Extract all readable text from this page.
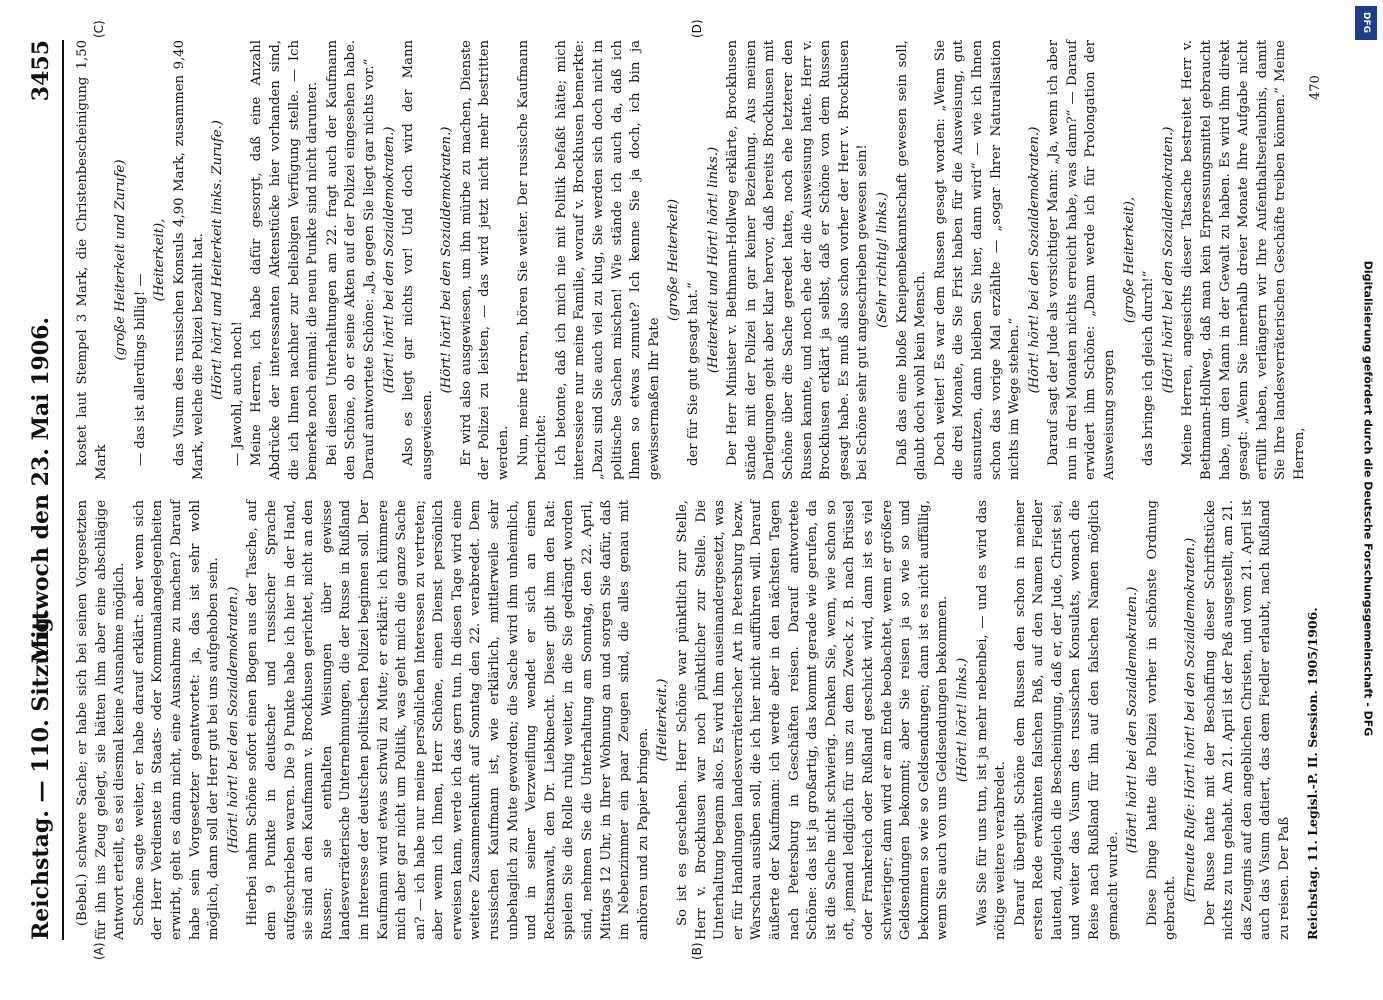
Reichstag. — 110. Sitzung.
Mittwoch den 23. Mai 1906.
3455
(A)	(B)
(C)	(D)

(Bebel.) schwere Sache; er habe sich bei seinen Vorgesetzten für ihn ins Zeug gelegt, sie hätten ihm aber eine abschlägige Antwort erteilt, es sei diesmal keine Ausnahme möglich. Schöne sagte weiter, er habe darauf erklärt: aber wenn sich der Herr Verdienste in Staats- oder Kommunalangelegenheiten erwirbt, geht es dann nicht, eine Ausnahme zu machen? Darauf habe sein Vorgesetzter geantwortet: ja, das ist sehr wohl möglich, dann soll der Herr gut bei uns aufgehoben sein. (Hört! hört! bei den Sozialdemokraten.) Hierbei nahm Schöne sofort einen Bogen aus der Tasche, auf dem 9 Punkte in deutscher und russischer Sprache aufgeschrieben waren. Die 9 Punkte habe ich hier in der Hand, sie sind an den Kaufmann v. Brockhusen gerichtet, nicht an den Russen; sie enthalten Weisungen über gewisse landesverräterische Unternehmungen, die der Russe in Rußland im Interesse der deutschen politischen Polizei beginnen soll. Der Kaufmann wird etwas schwül zu Mute; er erklärt: ich kümmere mich aber gar nicht um Politik, was geht mich die ganze Sache an? — ich habe nur meine persönlichen Interessen zu vertreten; aber wenn ich Ihnen, Herr Schöne, einen Dienst persönlich erweisen kann, werde ich das gern tun. In diesen Tage wird eine weitere Zusammenkunft auf Sonntag den 22. verabredet. Dem russischen Kaufmann ist, wie erklärlich, mittlerweile sehr unbehaglich zu Mute geworden; die Sache wird ihm unheimlich, und in seiner Verzweiflung wendet er sich an einen Rechtsanwalt, den Dr. Liebknecht. Dieser gibt ihm den Rat: spielen Sie die Rolle ruhig weiter, in die Sie gedrängt worden sind, nehmen Sie die Unterhaltung am Sonntag, den 22. April, Mittags 12 Uhr, in Ihrer Wohnung an und sorgen Sie dafür, daß im Nebenzimmer ein paar Zeugen sind, die alles genau mit anhören und zu Papier bringen.

(Heiterkeit.) So ist es geschehen. Herr Schöne war pünktlich zur Stelle, Herr v. Brockhusen war noch pünktlicher zur Stelle. Die Unterhaltung begann also. Es wird ihm auseinandergesetzt, was er für Handlungen landesverräterischer Art in Petersburg bezw. Warschau ausüben soll, die ich hier nicht aufführen will. Darauf äußerte der Kaufmann: ich werde aber in den nächsten Tagen nach Petersburg in Geschäften reisen. Darauf antwortete Schöne: das ist ja großartig, das kommt gerade wie gerufen, da ist die Sache nicht schwierig. Denken Sie, wenn, wie schon so oft, jemand lediglich für uns zu dem Zweck z. B. nach Brüssel oder Frankreich oder Rußland geschickt wird, dann ist es viel schwieriger; dann wird er am Ende beobachtet, wenn er größere Geldsendungen bekommt; aber Sie reisen ja so wie so und bekommen so wie so Geldsendungen; dann ist es nicht auffällig, wenn Sie auch von uns Geldsendungen bekommen. (Hört! hört! links.) Was Sie für uns tun, ist ja mehr nebenbei, — und es wird das nötige weitere verabredet. Darauf übergibt Schöne dem Russen den schon in meiner ersten Rede erwähnten falschen Paß, auf den Namen Fiedler lautend, zugleich die Bescheinigung, daß er, der Jude, Christ sei, und weiter das Visum des russischen Konsulats, wonach die Reise nach Rußland für ihn auf den falschen Namen möglich gemacht wurde.

(Hört! hört! bei den Sozialdemokraten.) Diese Dinge hatte die Polizei vorher in schönste Ordnung gebracht.

(Erneute Rufe: Hört! hört! bei den Sozialdemokraten.) Der Russe hatte mit der Beschaffung dieser Schriftstücke nichts zu tun gehabt. Am 21. April ist der Paß ausgestellt, am 21. das Zeugnis auf den angeblichen Christen, und vom 21. April ist auch das Visum datiert, das dem Fiedler erlaubt, nach Rußland zu reisen. Der Paß

kostet laut Stempel 3 Mark, die Christenbescheinigung 1,50 Mark

(große Heiterkeit und Zurufe)

— das ist allerdings billig! —

(Heiterkeit), das Visum des russischen Konsuls 4,90 Mark, zusammen 9,40 Mark, welche die Polizei bezahlt hat. (Hört! hört! und Heiterkeit links. Zurufe.) — Jawohl, auch noch! Meine Herren, ich habe dafür gesorgt, daß eine Anzahl Abdrücke der interessanten Aktenstücke hier vorhanden sind, die ich Ihnen nachher zur beliebigen Verfügung stelle. — Ich bemerke noch einmal: die neun Punkte sind nicht darunter. Bei diesen Unterhaltungen am 22. fragt auch der Kaufmann den Schöne, ob er seine Akten auf der Polizei eingesehen habe. Darauf antwortete Schöne: „Ja, gegen Sie liegt gar nichts vor.“ (Hört! hört! bei den Sozialdemokraten.) Also es liegt gar nichts vor! Und doch wird der Mann ausgewiesen.

(Hört! hört! bei den Sozialdemokraten.) Er wird also ausgewiesen, um ihn mürbe zu machen, Dienste der Polizei zu leisten, — das wird jetzt nicht mehr bestritten werden. Nun, meine Herren, hören Sie weiter. Der russische Kaufmann berichtet: Ich betonte, daß ich mich nie mit Politik befaßt hätte; mich interessiere nur meine Familie, worauf v. Brockhusen bemerkte: „Dazu sind Sie auch viel zu klug, Sie werden sich doch nicht in politische Sachen mischen! Wie stände ich auch da, daß ich Ihnen so etwas zumute? Ich kenne Sie ja doch, ich bin ja gewissermaßen Ihr Pate

(große Heiterkeit)

der für Sie gut gesagt hat.“

(Heiterkeit und Hört! hört! links.) Der Herr Minister v. Bethmann-Hollweg erklärte, Brockhusen stände mit der Polizei in gar keiner Beziehung. Aus meinen Darlegungen geht aber klar hervor, daß bereits Brockhusen mit Schöne über die Sache geredet hatte, noch ehe letzterer den Russen kannte, und noch ehe der die Ausweisung hatte. Herr v. Brockhusen erklärt ja selbst, daß er Schöne von dem Russen gesagt habe. Es muß also schon vorher der Herr v. Brockhusen bei Schöne sehr gut angeschrieben gewesen sein! (Sehr richtig! links.) Daß das eine bloße Kneipenbekanntschaft gewesen sein soll, glaubt doch wohl kein Mensch. Doch weiter! Es war dem Russen gesagt worden: „Wenn Sie die drei Monate, die Sie Frist haben für die Ausweisung, gut ausnutzen, dann bleiben Sie hier, dann wird“ — wie ich Ihnen schon das vorige Mal erzählte — „sogar Ihrer Naturalisation nichts im Wege stehen.“

(Hört! hört! bei den Sozialdemokraten.) Darauf sagt der Jude als vorsichtiger Mann: „Ja, wenn ich aber nun in drei Monaten nichts erreicht habe, was dann?“ — Darauf erwidert ihm Schöne: „Dann werde ich für Prolongation der Ausweisung sorgen

(große Heiterkeit),

das bringe ich gleich durch!“ (Hört! hört! bei den Sozialdemokraten.) Meine Herren, angesichts dieser Tatsache bestreitet Herr v. Bethmann-Hollweg, daß man kein Erpressungsmittel gebraucht habe, um den Mann in der Gewalt zu haben. Es wird ihm direkt gesagt: „Wenn Sie innerhalb dreier Monate Ihre Aufgabe nicht erfüllt haben, verlängern wir Ihre Aufenthaltserlaubnis, damit Sie Ihre landesverräterischen Geschäfte treiben können.“ Meine Herren,

Reichstag. 11. Legisl.-P. II. Session. 1905/1906.
470
Digitalisierung gefördert durch die Deutsche Forschungsgemeinschaft - DFG
DFG
